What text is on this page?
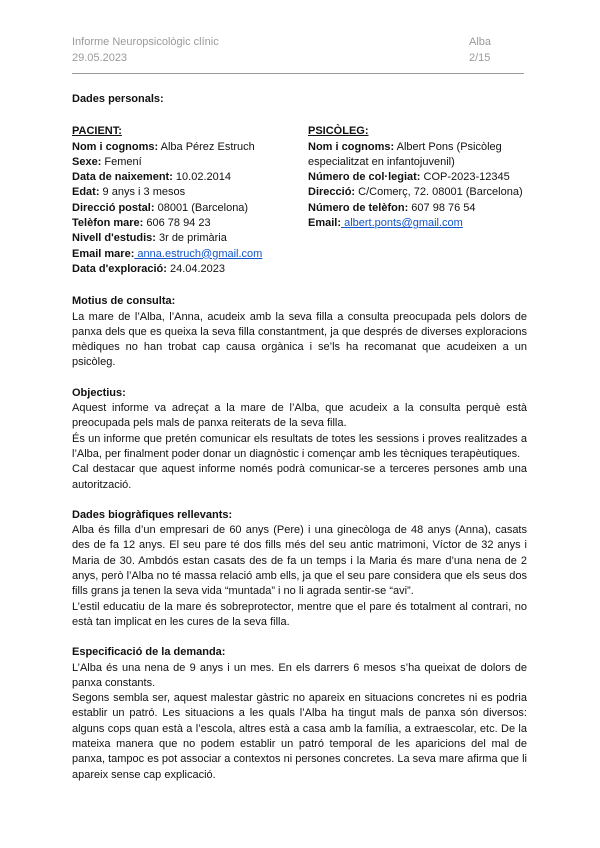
Informe Neuropsicològic clínic
29.05.2023
Alba
2/15
Dades personals:
PACIENT:
Nom i cognoms: Alba Pérez Estruch
Sexe: Femení
Data de naixement: 10.02.2014
Edat: 9 anys i 3 mesos
Direcció postal: 08001 (Barcelona)
Telèfon mare: 606 78 94 23
Nivell d'estudis: 3r de primària
Email mare: anna.estruch@gmail.com
Data d'exploració: 24.04.2023
PSICÒLEG:
Nom i cognoms: Albert Pons (Psicòleg especialitzat en infantojuvenil)
Número de col·legiat: COP-2023-12345
Direcció: C/Comerç, 72. 08001 (Barcelona)
Número de telèfon: 607 98 76 54
Email: albert.ponts@gmail.com
Motius de consulta:

La mare de l’Alba, l’Anna, acudeix amb la seva filla a consulta preocupada pels dolors de panxa dels que es queixa la seva filla constantment, ja que després de diverses exploracions mèdiques no han trobat cap causa orgànica i se’ls ha recomanat que acudeixen a un psicòleg.

Objectius:

Aquest informe va adreçat a la mare de l’Alba, que acudeix a la consulta perquè està preocupada pels mals de panxa reiterats de la seva filla.

És un informe que pretén comunicar els resultats de totes les sessions i proves realitzades a l’Alba, per finalment poder donar un diagnòstic i començar amb les tècniques terapèutiques.

Cal destacar que aquest informe només podrà comunicar-se a terceres persones amb una autorització.

Dades biogràfiques rellevants:

Alba és filla d’un empresari de 60 anys (Pere) i una ginecòloga de 48 anys (Anna), casats des de fa 12 anys. El seu pare té dos fills més del seu antic matrimoni, Víctor de 32 anys i Maria de 30. Ambdós estan casats des de fa un temps i la Maria és mare d’una nena de 2 anys, però l’Alba no té massa relació amb ells, ja que el seu pare considera que els seus dos fills grans ja tenen la seva vida “muntada” i no li agrada sentir-se “avi”.

L’estil educatiu de la mare és sobreprotector, mentre que el pare és totalment al contrari, no està tan implicat en les cures de la seva filla.

Especificació de la demanda:

L’Alba és una nena de 9 anys i un mes. En els darrers 6 mesos s’ha queixat de dolors de panxa constants.

Segons sembla ser, aquest malestar gàstric no apareix en situacions concretes ni es podria establir un patró. Les situacions a les quals l’Alba ha tingut mals de panxa són diversos: alguns cops quan està a l’escola, altres està a casa amb la família, a extraescolar, etc. De la mateixa manera que no podem establir un patró temporal de les aparicions del mal de panxa, tampoc es pot associar a contextos ni persones concretes. La seva mare afirma que li apareix sense cap explicació.
